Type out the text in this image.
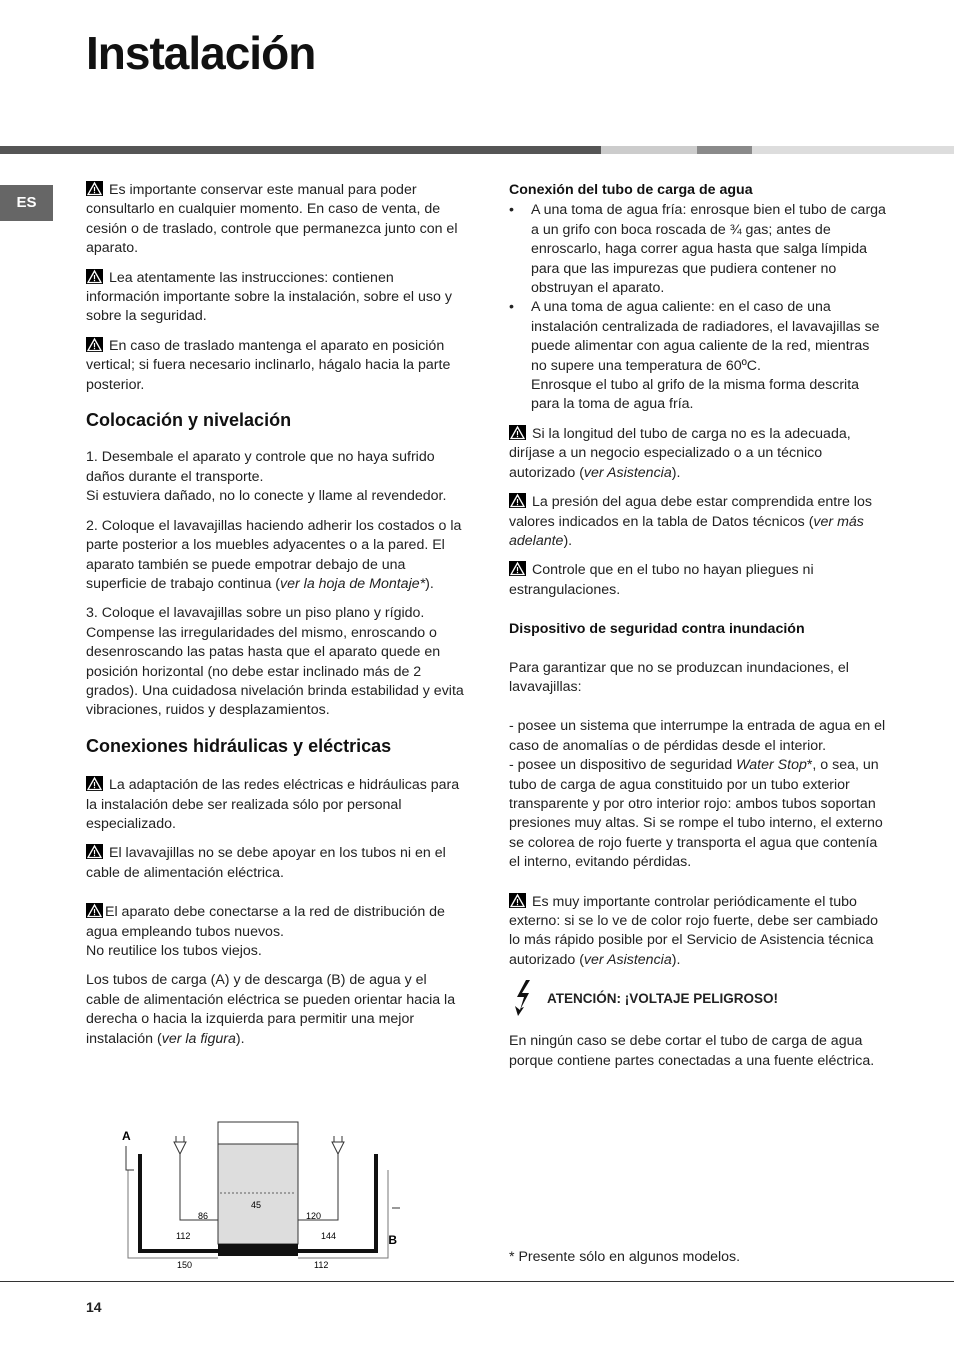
Instalación
ES

Es importante conservar este manual para poder consultarlo en cualquier momento. En caso de venta, de cesión o de traslado, controle que permanezca junto con el aparato.

Lea atentamente las instrucciones: contienen información importante sobre la instalación, sobre el uso y sobre la seguridad.

En caso de traslado mantenga el aparato en posición vertical; si fuera necesario inclinarlo, hágalo hacia la parte posterior.

Colocación y nivelación

1. Desembale el aparato y controle que no haya sufrido daños durante el transporte.
Si estuviera dañado, no lo conecte y llame al revendedor.

2. Coloque el lavavajillas haciendo adherir los costados o la parte posterior a los muebles adyacentes o a la pared. El aparato también se puede empotrar debajo de una superficie de trabajo continua (ver la hoja de Montaje*).

3. Coloque el lavavajillas sobre un piso plano y rígido. Compense las irregularidades del mismo, enroscando o desenroscando las patas hasta que el aparato quede en posición horizontal (no debe estar inclinado más de 2 grados). Una cuidadosa nivelación brinda estabilidad y evita vibraciones, ruidos y desplazamientos.

Conexiones hidráulicas y eléctricas

La adaptación de las redes eléctricas e hidráulicas para la instalación debe ser realizada sólo por personal especializado.

El lavavajillas no se debe apoyar en los tubos ni en el cable de alimentación eléctrica.

El aparato debe conectarse a la red de distribución de agua empleando tubos nuevos.
No reutilice los tubos viejos.

Los tubos de carga (A) y de descarga (B) de agua y el cable de alimentación eléctrica se pueden orientar hacia la derecha o hacia la izquierda para permitir una mejor instalación (ver la figura).

45
A
B
86	120
112	144
150	112
Conexión del tubo de carga de agua
• A una toma de agua fría: enrosque bien el tubo de carga a un grifo con boca roscada de ¾ gas; antes de enroscarlo, haga correr agua hasta que salga límpida para que las impurezas que pudiera contener no obstruyan el aparato.
• A una toma de agua caliente: en el caso de una instalación centralizada de radiadores, el lavavajillas se puede alimentar con agua caliente de la red, mientras no supere una temperatura de 60ºC.
Enrosque el tubo al grifo de la misma forma descrita para la toma de agua fría.

Si la longitud del tubo de carga no es la adecuada, diríjase a un negocio especializado o a un técnico autorizado (ver Asistencia).

La presión del agua debe estar comprendida entre los valores indicados en la tabla de Datos técnicos (ver más adelante).

Controle que en el tubo no hayan pliegues ni estrangulaciones.

Dispositivo de seguridad contra inundación

Para garantizar que no se produzcan inundaciones, el lavavajillas:

- posee un sistema que interrumpe la entrada de agua en el caso de anomalías o de pérdidas desde el interior.

- posee un dispositivo de seguridad Water Stop*, o sea, un tubo de carga de agua constituido por un tubo exterior transparente y por otro interior rojo: ambos tubos soportan presiones muy altas. Si se rompe el tubo interno, el externo se colorea de rojo fuerte y transporta el agua que contenía el interno, evitando pérdidas.

Es muy importante controlar periódicamente el tubo externo: si se lo ve de color rojo fuerte, debe ser cambiado lo más rápido posible por el Servicio de Asistencia técnica autorizado (ver Asistencia).

ATENCIÓN: ¡VOLTAJE PELIGROSO!

En ningún caso se debe cortar el tubo de carga de agua porque contiene partes conectadas a una fuente eléctrica.

* Presente sólo en algunos modelos.
14
